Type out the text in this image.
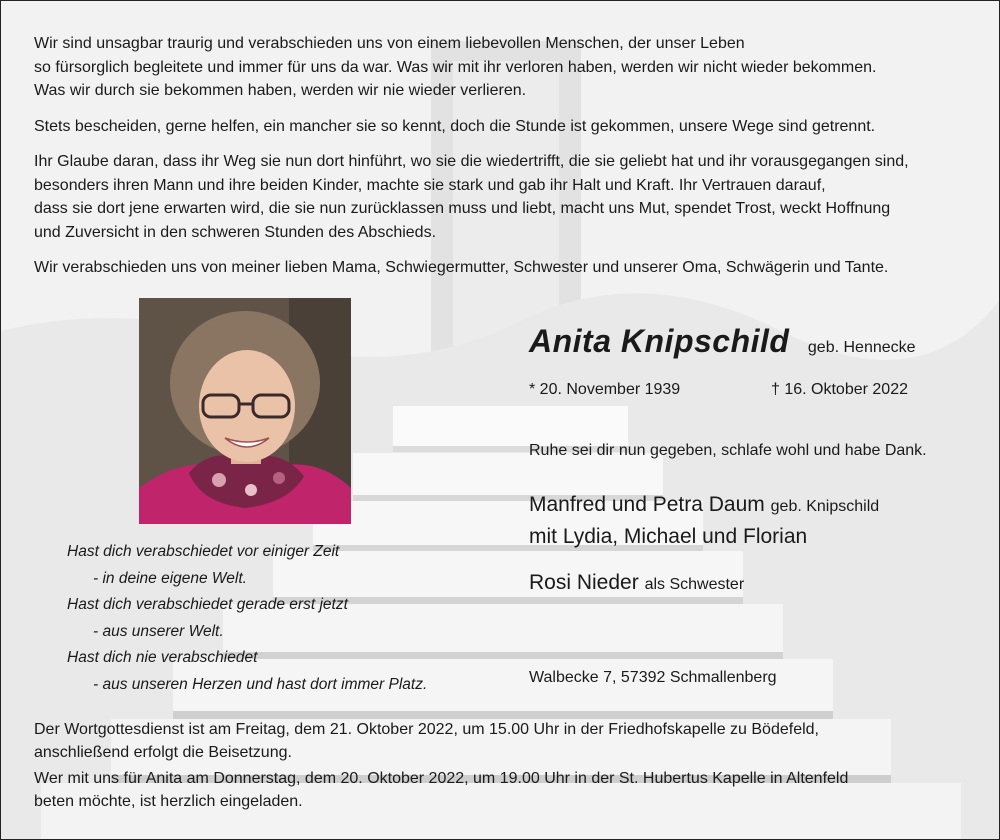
Wir sind unsagbar traurig und verabschieden uns von einem liebevollen Menschen, der unser Leben
so fürsorglich begleitete und immer für uns da war. Was wir mit ihr verloren haben, werden wir nicht wieder bekommen.
Was wir durch sie bekommen haben, werden wir nie wieder verlieren.

Stets bescheiden, gerne helfen, ein mancher sie so kennt, doch die Stunde ist gekommen, unsere Wege sind getrennt.

Ihr Glaube daran, dass ihr Weg sie nun dort hinführt, wo sie die wiedertrifft, die sie geliebt hat und ihr vorausgegangen sind,
besonders ihren Mann und ihre beiden Kinder, machte sie stark und gab ihr Halt und Kraft. Ihr Vertrauen darauf,
dass sie dort jene erwarten wird, die sie nun zurücklassen muss und liebt, macht uns Mut, spendet Trost, weckt Hoffnung
und Zuversicht in den schweren Stunden des Abschieds.

Wir verabschieden uns von meiner lieben Mama, Schwiegermutter, Schwester und unserer Oma, Schwägerin und Tante.

Anita Knipschild geb. Hennecke
* 20. November 1939	† 16. Oktober 2022
Ruhe sei dir nun gegeben, schlafe wohl und habe Dank.
Manfred und Petra Daum geb. Knipschild
mit Lydia, Michael und Florian
Rosi Nieder als Schwester
Walbecke 7, 57392 Schmallenberg
Hast dich verabschiedet vor einiger Zeit
- in deine eigene Welt.
Hast dich verabschiedet gerade erst jetzt
- aus unserer Welt.
Hast dich nie verabschiedet
- aus unseren Herzen und hast dort immer Platz.

Der Wortgottesdienst ist am Freitag, dem 21. Oktober 2022, um 15.00 Uhr in der Friedhofskapelle zu Bödefeld,
anschließend erfolgt die Beisetzung.

Wer mit uns für Anita am Donnerstag, dem 20. Oktober 2022, um 19.00 Uhr in der St. Hubertus Kapelle in Altenfeld
beten möchte, ist herzlich eingeladen.
